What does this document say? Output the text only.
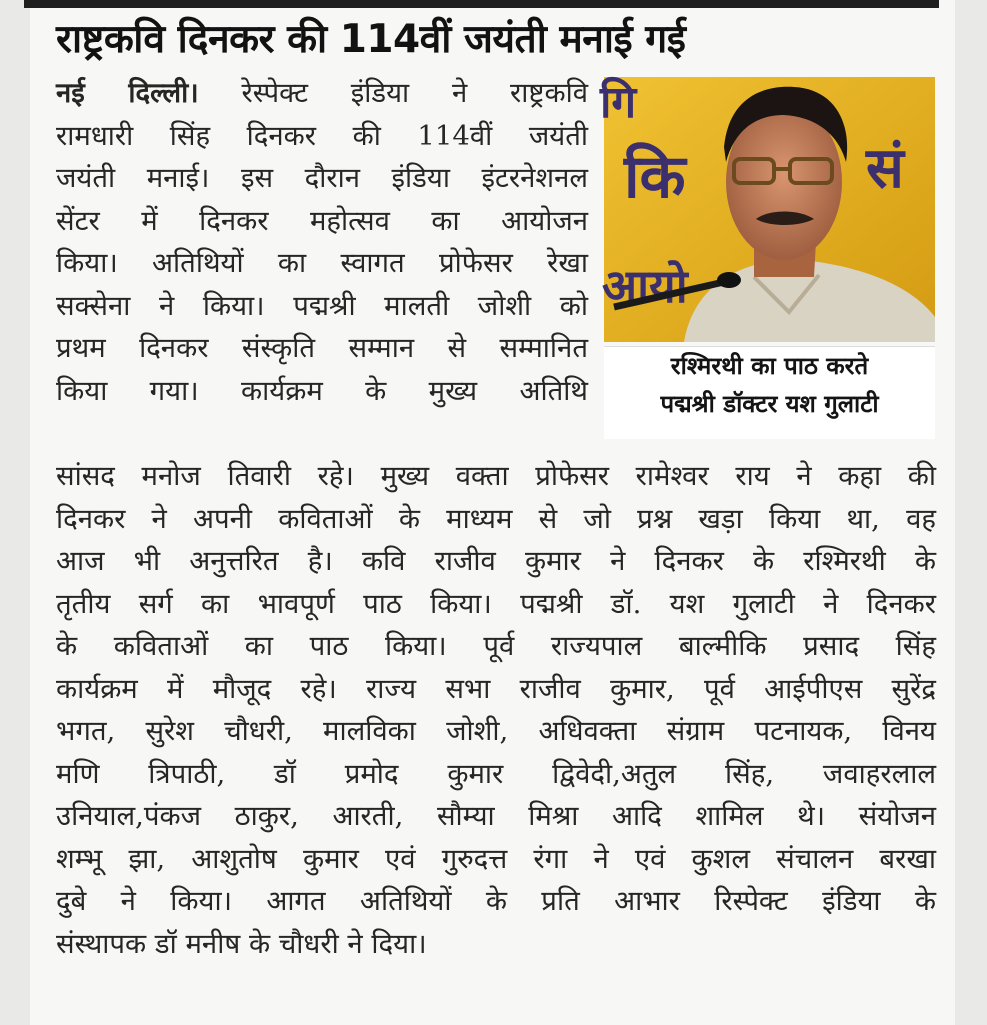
राष्ट्रकवि दिनकर की 114वीं जयंती मनाई गई
नई दिल्ली। रेस्पेक्ट इंडिया ने राष्ट्रकवि
रामधारी सिंह दिनकर की 114वीं जयंती
जयंती मनाई। इस दौरान इंडिया इंटरनेशनल
सेंटर में दिनकर महोत्सव का आयोजन
किया। अतिथियों का स्वागत प्रोफेसर रेखा
सक्सेना ने किया। पद्मश्री मालती जोशी को
प्रथम दिनकर संस्कृति सम्मान से सम्मानित
किया गया। कार्यक्रम के मुख्य अतिथि
गि
कि	सं
आयो
रश्मिरथी का पाठ करते
पद्मश्री डॉक्टर यश गुलाटी
सांसद मनोज तिवारी रहे। मुख्य वक्ता प्रोफेसर रामेश्वर राय ने कहा की
दिनकर ने अपनी कविताओं के माध्यम से जो प्रश्न खड़ा किया था, वह
आज भी अनुत्तरित है। कवि राजीव कुमार ने दिनकर के रश्मिरथी के
तृतीय सर्ग का भावपूर्ण पाठ किया। पद्मश्री डॉ. यश गुलाटी ने दिनकर
के कविताओं का पाठ किया। पूर्व राज्यपाल बाल्मीकि प्रसाद सिंह
कार्यक्रम में मौजूद रहे। राज्य सभा राजीव कुमार, पूर्व आईपीएस सुरेंद्र
भगत, सुरेश चौधरी, मालविका जोशी, अधिवक्ता संग्राम पटनायक, विनय
मणि त्रिपाठी, डॉ प्रमोद कुमार द्विवेदी,अतुल सिंह, जवाहरलाल
उनियाल,पंकज ठाकुर, आरती, सौम्या मिश्रा आदि शामिल थे। संयोजन
शम्भू झा, आशुतोष कुमार एवं गुरुदत्त रंगा ने एवं कुशल संचालन बरखा
दुबे ने किया। आगत अतिथियों के प्रति आभार रिस्पेक्ट इंडिया के
संस्थापक डॉ मनीष के चौधरी ने दिया।
